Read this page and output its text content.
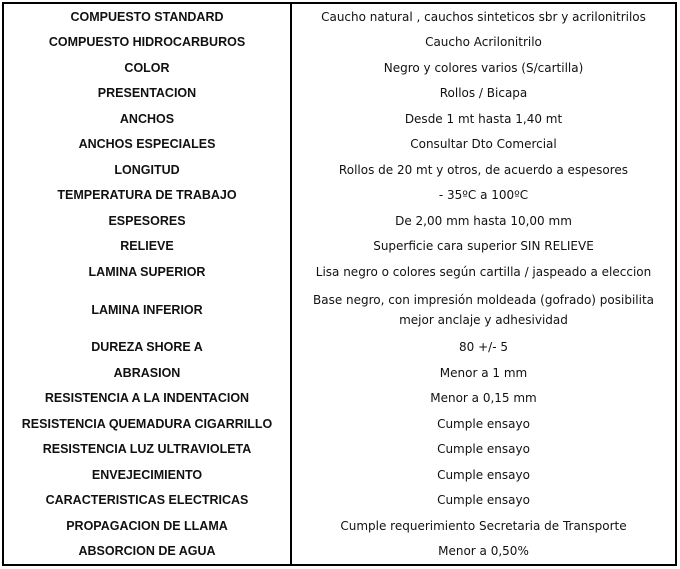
COMPUESTO STANDARD
COMPUESTO HIDROCARBUROS
COLOR
PRESENTACION
ANCHOS
ANCHOS ESPECIALES
LONGITUD
TEMPERATURA DE TRABAJO
ESPESORES
RELIEVE
LAMINA SUPERIOR
LAMINA INFERIOR
DUREZA SHORE A
ABRASION
RESISTENCIA A LA INDENTACION
RESISTENCIA QUEMADURA CIGARRILLO
RESISTENCIA LUZ ULTRAVIOLETA
ENVEJECIMIENTO
CARACTERISTICAS ELECTRICAS
PROPAGACION DE LLAMA
ABSORCION DE AGUA
Caucho natural , cauchos sinteticos sbr y acrilonitrilos
Caucho Acrilonitrilo
Negro y colores varios (S/cartilla)
Rollos / Bicapa
Desde 1 mt hasta 1,40 mt
Consultar Dto Comercial
Rollos de 20 mt y otros, de acuerdo a espesores
- 35ºC a 100ºC
De 2,00 mm hasta 10,00 mm
Superficie cara superior SIN RELIEVE
Lisa negro o colores según cartilla / jaspeado a eleccion
Base negro, con impresión moldeada (gofrado) posibilita mejor anclaje y adhesividad
80 +/- 5
Menor a 1 mm
Menor a 0,15 mm
Cumple ensayo
Cumple ensayo
Cumple ensayo
Cumple ensayo
Cumple requerimiento Secretaria de Transporte
Menor a 0,50%
